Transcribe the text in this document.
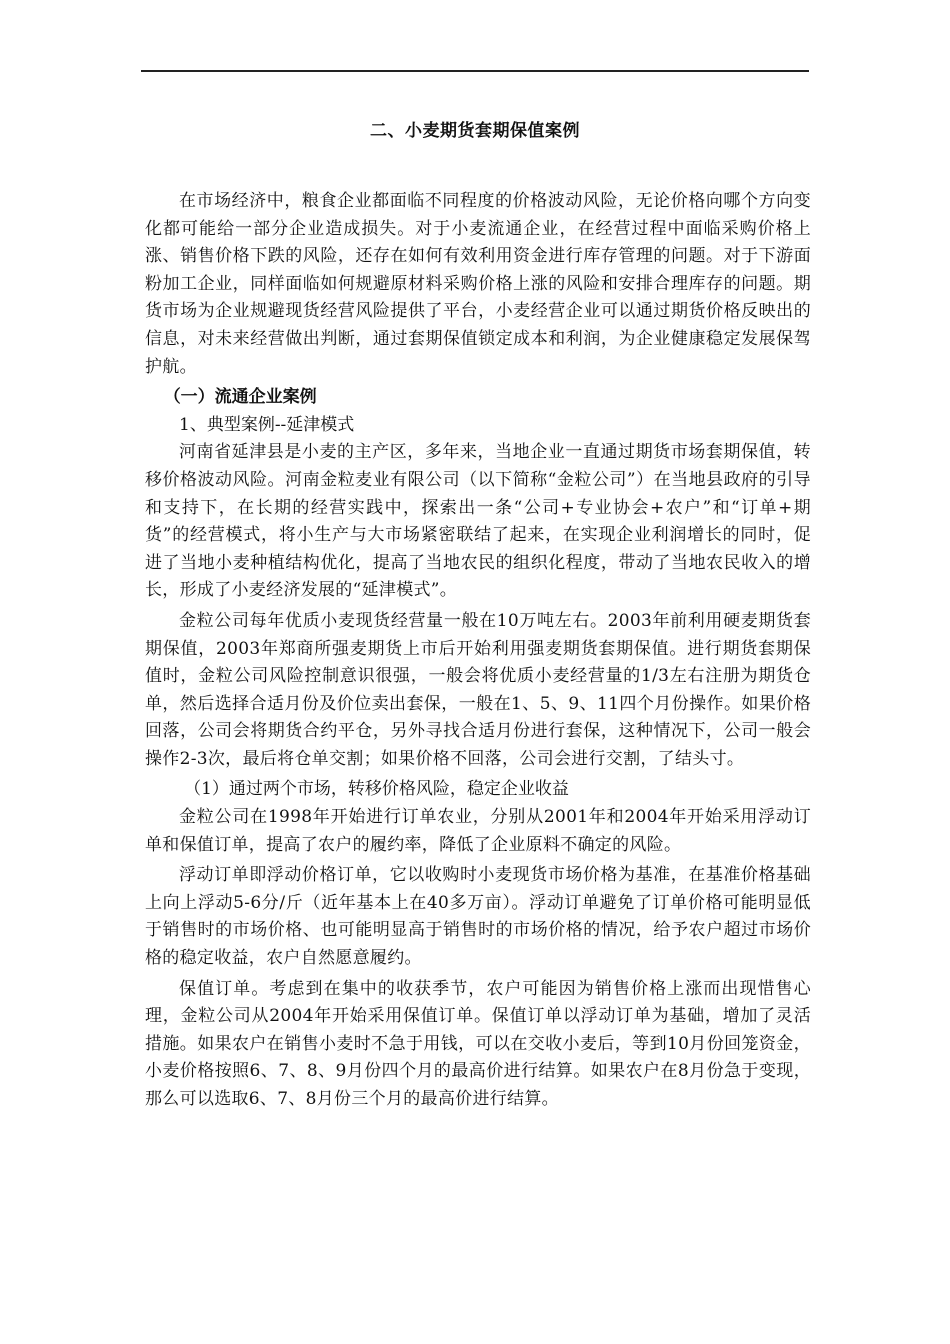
二、小麦期货套期保值案例

在市场经济中，粮食企业都面临不同程度的价格波动风险，无论价格向哪个方向变化都可能给一部分企业造成损失。对于小麦流通企业，在经营过程中面临采购价格上涨、销售价格下跌的风险，还存在如何有效利用资金进行库存管理的问题。对于下游面粉加工企业，同样面临如何规避原材料采购价格上涨的风险和安排合理库存的问题。期货市场为企业规避现货经营风险提供了平台，小麦经营企业可以通过期货价格反映出的信息，对未来经营做出判断，通过套期保值锁定成本和利润，为企业健康稳定发展保驾护航。

（一）流通企业案例

1、典型案例--延津模式

河南省延津县是小麦的主产区，多年来，当地企业一直通过期货市场套期保值，转移价格波动风险。河南金粒麦业有限公司（以下简称“金粒公司”）在当地县政府的引导和支持下，在长期的经营实践中，探索出一条“公司+专业协会+农户”和“订单+期货”的经营模式，将小生产与大市场紧密联结了起来，在实现企业利润增长的同时，促进了当地小麦种植结构优化，提高了当地农民的组织化程度，带动了当地农民收入的增长，形成了小麦经济发展的“延津模式”。

金粒公司每年优质小麦现货经营量一般在10万吨左右。2003年前利用硬麦期货套期保值，2003年郑商所强麦期货上市后开始利用强麦期货套期保值。进行期货套期保值时，金粒公司风险控制意识很强，一般会将优质小麦经营量的1/3左右注册为期货仓单，然后选择合适月份及价位卖出套保，一般在1、5、9、11四个月份操作。如果价格回落，公司会将期货合约平仓，另外寻找合适月份进行套保，这种情况下，公司一般会操作2-3次，最后将仓单交割；如果价格不回落，公司会进行交割，了结头寸。

（1）通过两个市场，转移价格风险，稳定企业收益

金粒公司在1998年开始进行订单农业，分别从2001年和2004年开始采用浮动订单和保值订单，提高了农户的履约率，降低了企业原料不确定的风险。

浮动订单即浮动价格订单，它以收购时小麦现货市场价格为基准，在基准价格基础上向上浮动5-6分/斤（近年基本上在40多万亩）。浮动订单避免了订单价格可能明显低于销售时的市场价格、也可能明显高于销售时的市场价格的情况，给予农户超过市场价格的稳定收益，农户自然愿意履约。

保值订单。考虑到在集中的收获季节，农户可能因为销售价格上涨而出现惜售心理，金粒公司从2004年开始采用保值订单。保值订单以浮动订单为基础，增加了灵活措施。如果农户在销售小麦时不急于用钱，可以在交收小麦后，等到10月份回笼资金，小麦价格按照6、7、8、9月份四个月的最高价进行结算。如果农户在8月份急于变现，那么可以选取6、7、8月份三个月的最高价进行结算。
